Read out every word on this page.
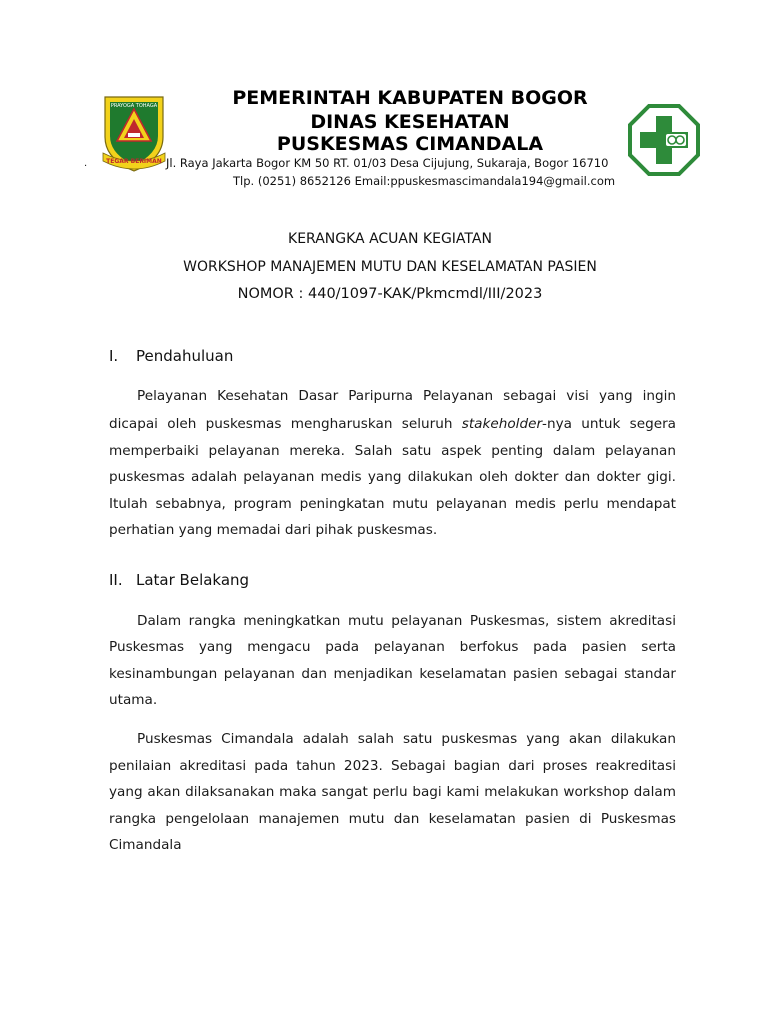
PRAYOGA TOHAGA
TEGAR BERIMAN
.
PEMERINTAH KABUPATEN BOGOR
DINAS KESEHATAN
PUSKESMAS CIMANDALA
Jl. Raya Jakarta Bogor KM 50 RT. 01/03 Desa Cijujung, Sukaraja, Bogor 16710
Tlp. (0251) 8652126 Email:ppuskesmascimandala194@gmail.com
KERANGKA ACUAN KEGIATAN
WORKSHOP MANAJEMEN MUTU DAN KESELAMATAN PASIEN
NOMOR : 440/1097-KAK/Pkmcmdl/III/2023
I. Pendahuluan
Pelayanan Kesehatan Dasar Paripurna Pelayanan sebagai visi yang ingin
dicapai oleh puskesmas mengharuskan seluruh stakeholder-nya untuk segera
memperbaiki pelayanan mereka. Salah satu aspek penting dalam pelayanan
puskesmas adalah pelayanan medis yang dilakukan oleh dokter dan dokter gigi.
Itulah sebabnya, program peningkatan mutu pelayanan medis perlu mendapat
perhatian yang memadai dari pihak puskesmas.
II. Latar Belakang
Dalam rangka meningkatkan mutu pelayanan Puskesmas, sistem akreditasi
Puskesmas yang mengacu pada pelayanan berfokus pada pasien serta
kesinambungan pelayanan dan menjadikan keselamatan pasien sebagai standar
utama.
Puskesmas Cimandala adalah salah satu puskesmas yang akan dilakukan
penilaian akreditasi pada tahun 2023. Sebagai bagian dari proses reakreditasi
yang akan dilaksanakan maka sangat perlu bagi kami melakukan workshop dalam
rangka pengelolaan manajemen mutu dan keselamatan pasien di Puskesmas
Cimandala
